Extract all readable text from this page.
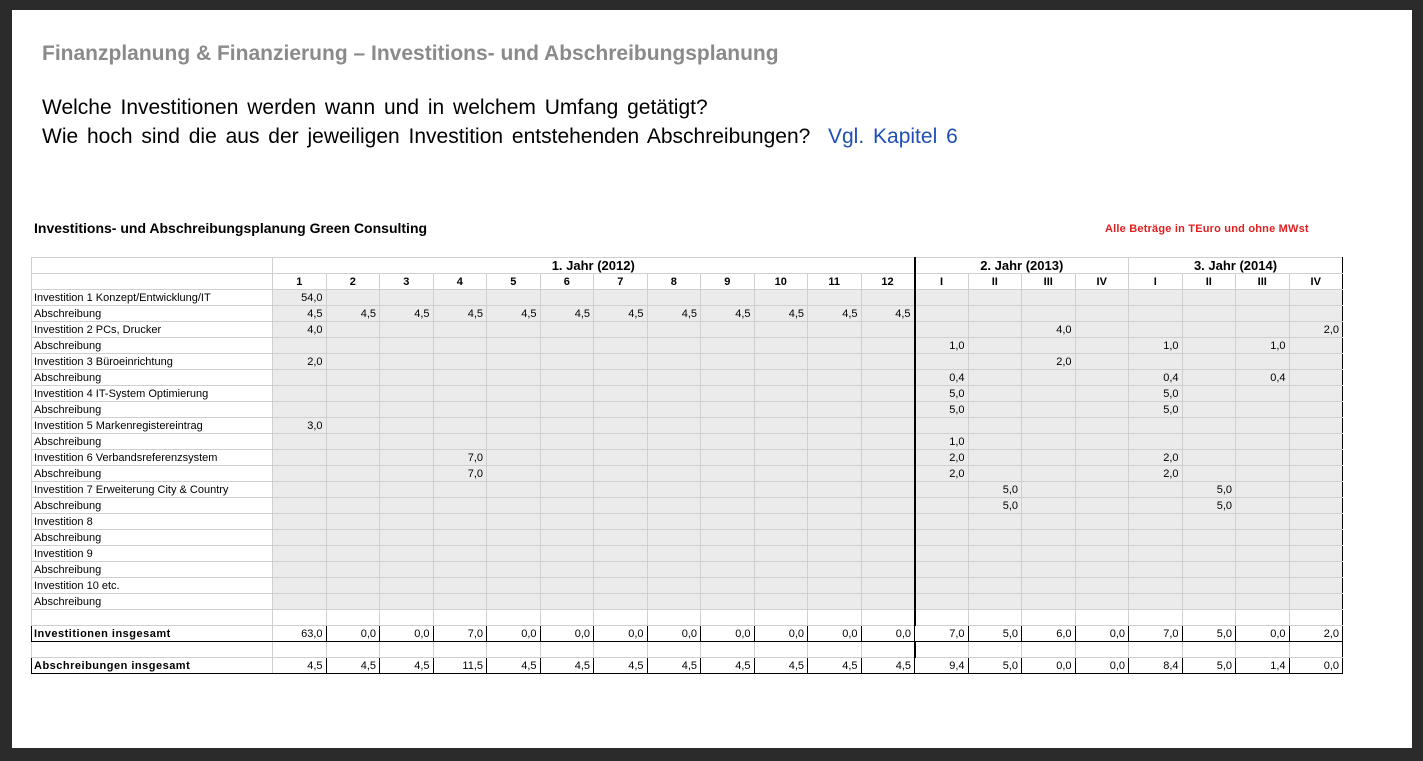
Finanzplanung & Finanzierung – Investitions- und Abschreibungsplanung
Welche Investitionen werden wann und in welchem Umfang getätigt?
Wie hoch sind die aus der jeweiligen Investition entstehenden Abschreibungen? Vgl. Kapitel 6
Investitions- und Abschreibungsplanung Green Consulting	Alle Beträge in TEuro und ohne MWst
	1. Jahr (2012)												2. Jahr (2013)				3. Jahr (2014)			
	1	2	3	4	5	6	7	8	9	10	11	12	I	II	III	IV	I	II	III	IV
Investition 1 Konzept/Entwicklung/IT	54,0																			
Abschreibung	4,5	4,5	4,5	4,5	4,5	4,5	4,5	4,5	4,5	4,5	4,5	4,5								
Investition 2 PCs, Drucker	4,0														4,0					2,0
Abschreibung													1,0				1,0		1,0	
Investition 3 Büroeinrichtung	2,0														2,0					
Abschreibung													0,4				0,4		0,4	
Investition 4 IT-System Optimierung													5,0				5,0			
Abschreibung													5,0				5,0			
Investition 5 Markenregistereintrag	3,0																			
Abschreibung													1,0							
Investition 6 Verbandsreferenzsystem				7,0									2,0				2,0			
Abschreibung				7,0									2,0				2,0			
Investition 7 Erweiterung City & Country														5,0				5,0		
Abschreibung														5,0				5,0		
Investition 8																				
Abschreibung																				
Investition 9																				
Abschreibung																				
Investition 10 etc.																				
Abschreibung																				

Investitionen insgesamt	63,0	0,0	0,0	7,0	0,0	0,0	0,0	0,0	0,0	0,0	0,0	0,0	7,0	5,0	6,0	0,0	7,0	5,0	0,0	2,0

Abschreibungen insgesamt	4,5	4,5	4,5	11,5	4,5	4,5	4,5	4,5	4,5	4,5	4,5	4,5	9,4	5,0	0,0	0,0	8,4	5,0	1,4	0,0
